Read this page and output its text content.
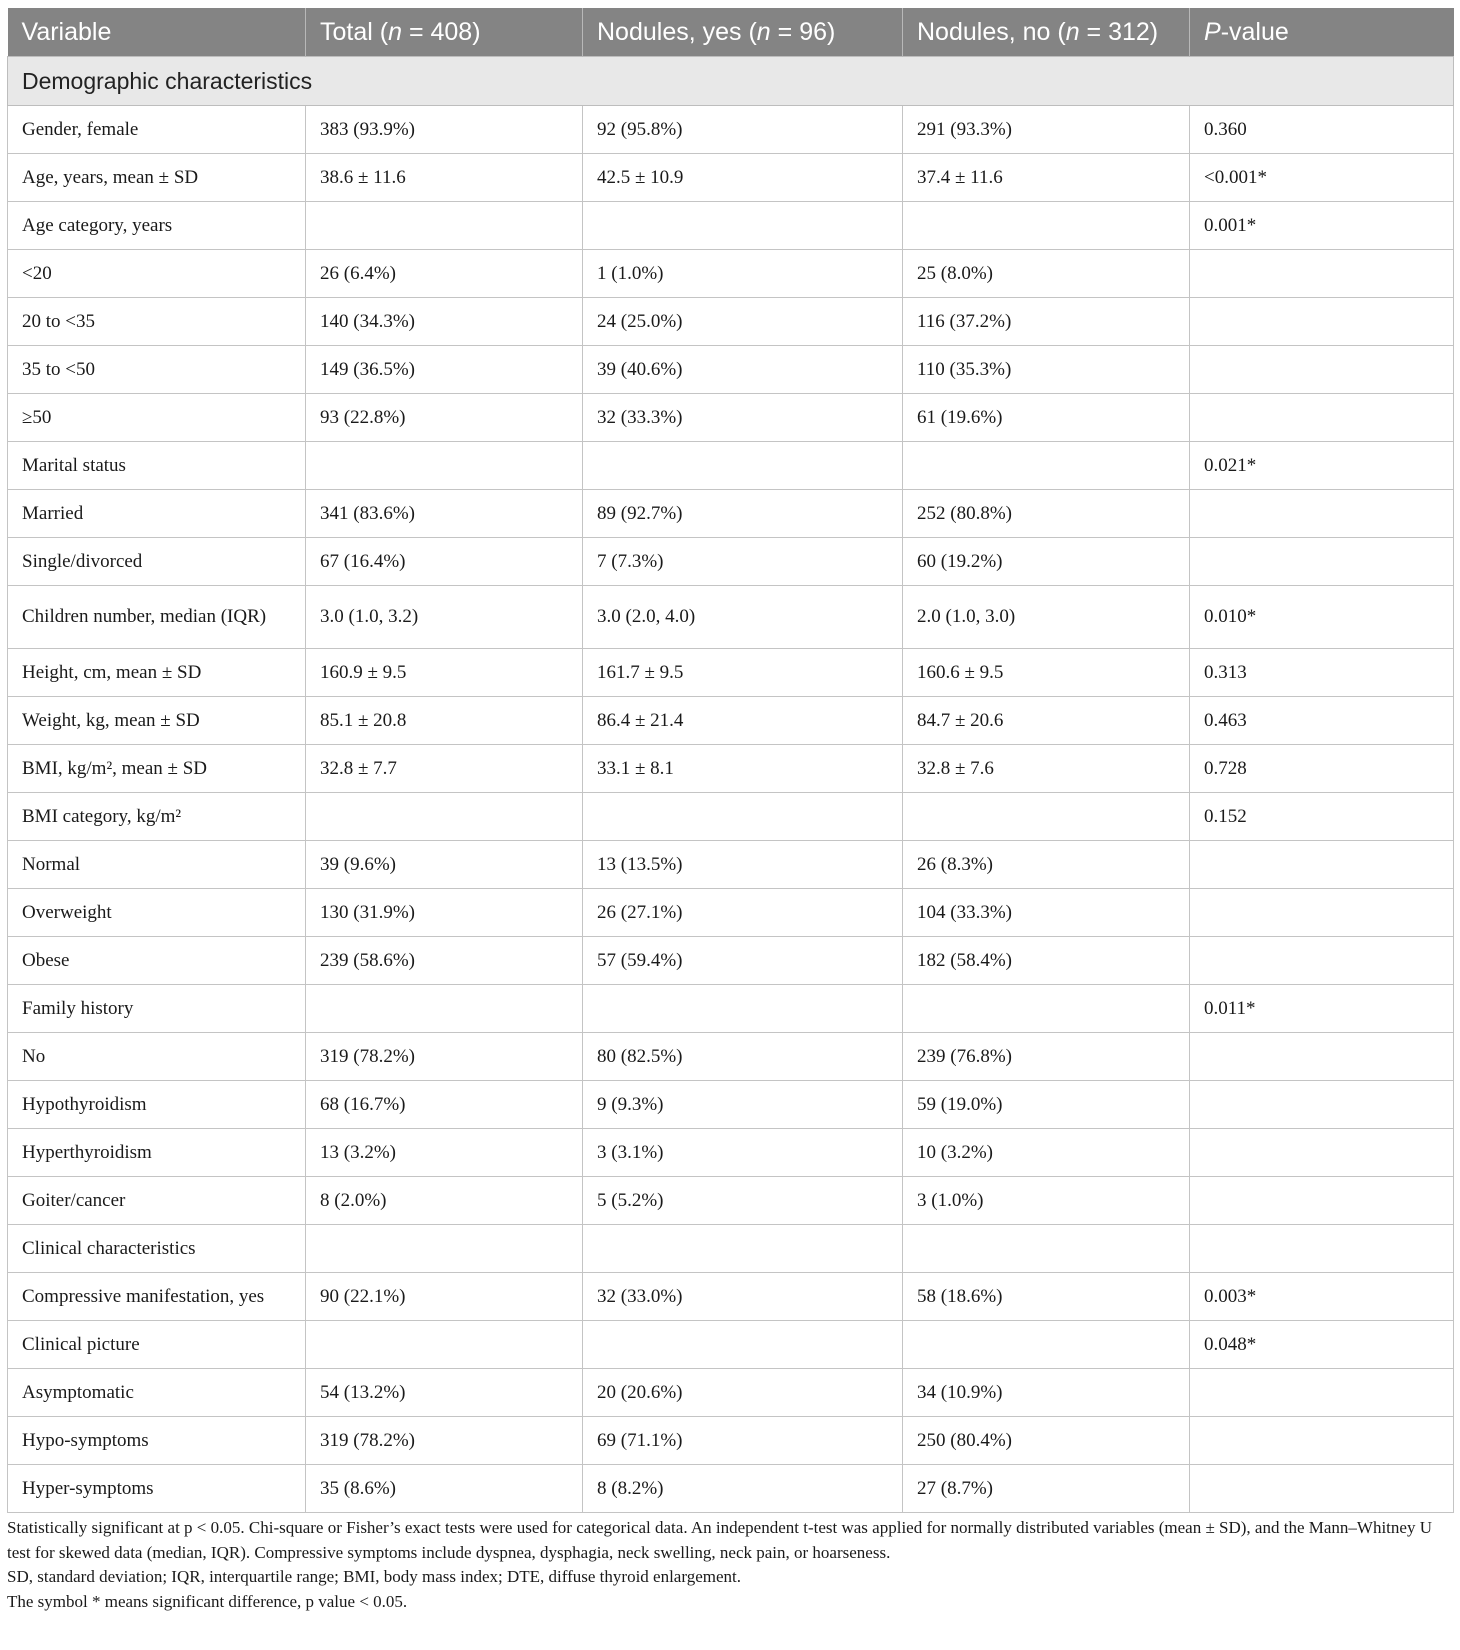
Variable	Total (n = 408)	Nodules, yes (n = 96)	Nodules, no (n = 312)	P-value
Demographic characteristics				
Gender, female	383 (93.9%)	92 (95.8%)	291 (93.3%)	0.360
Age, years, mean ± SD	38.6 ± 11.6	42.5 ± 10.9	37.4 ± 11.6	<0.001*
Age category, years				0.001*
<20	26 (6.4%)	1 (1.0%)	25 (8.0%)	
20 to <35	140 (34.3%)	24 (25.0%)	116 (37.2%)	
35 to <50	149 (36.5%)	39 (40.6%)	110 (35.3%)	
≥50	93 (22.8%)	32 (33.3%)	61 (19.6%)	
Marital status				0.021*
Married	341 (83.6%)	89 (92.7%)	252 (80.8%)	
Single/divorced	67 (16.4%)	7 (7.3%)	60 (19.2%)	
Children number, median (IQR)	3.0 (1.0, 3.2)	3.0 (2.0, 4.0)	2.0 (1.0, 3.0)	0.010*
Height, cm, mean ± SD	160.9 ± 9.5	161.7 ± 9.5	160.6 ± 9.5	0.313
Weight, kg, mean ± SD	85.1 ± 20.8	86.4 ± 21.4	84.7 ± 20.6	0.463
BMI, kg/m², mean ± SD	32.8 ± 7.7	33.1 ± 8.1	32.8 ± 7.6	0.728
BMI category, kg/m²				0.152
Normal	39 (9.6%)	13 (13.5%)	26 (8.3%)	
Overweight	130 (31.9%)	26 (27.1%)	104 (33.3%)	
Obese	239 (58.6%)	57 (59.4%)	182 (58.4%)	
Family history				0.011*
No	319 (78.2%)	80 (82.5%)	239 (76.8%)	
Hypothyroidism	68 (16.7%)	9 (9.3%)	59 (19.0%)	
Hyperthyroidism	13 (3.2%)	3 (3.1%)	10 (3.2%)	
Goiter/cancer	8 (2.0%)	5 (5.2%)	3 (1.0%)	
Clinical characteristics				
Compressive manifestation, yes	90 (22.1%)	32 (33.0%)	58 (18.6%)	0.003*
Clinical picture				0.048*
Asymptomatic	54 (13.2%)	20 (20.6%)	34 (10.9%)	
Hypo-symptoms	319 (78.2%)	69 (71.1%)	250 (80.4%)	
Hyper-symptoms	35 (8.6%)	8 (8.2%)	27 (8.7%)	

Statistically significant at p < 0.05. Chi-square or Fisher’s exact tests were used for categorical data. An independent t-test was applied for normally distributed variables (mean ± SD), and the Mann–Whitney U test for skewed data (median, IQR). Compressive symptoms include dyspnea, dysphagia, neck swelling, neck pain, or hoarseness.

SD, standard deviation; IQR, interquartile range; BMI, body mass index; DTE, diffuse thyroid enlargement.

The symbol * means significant difference, p value < 0.05.
